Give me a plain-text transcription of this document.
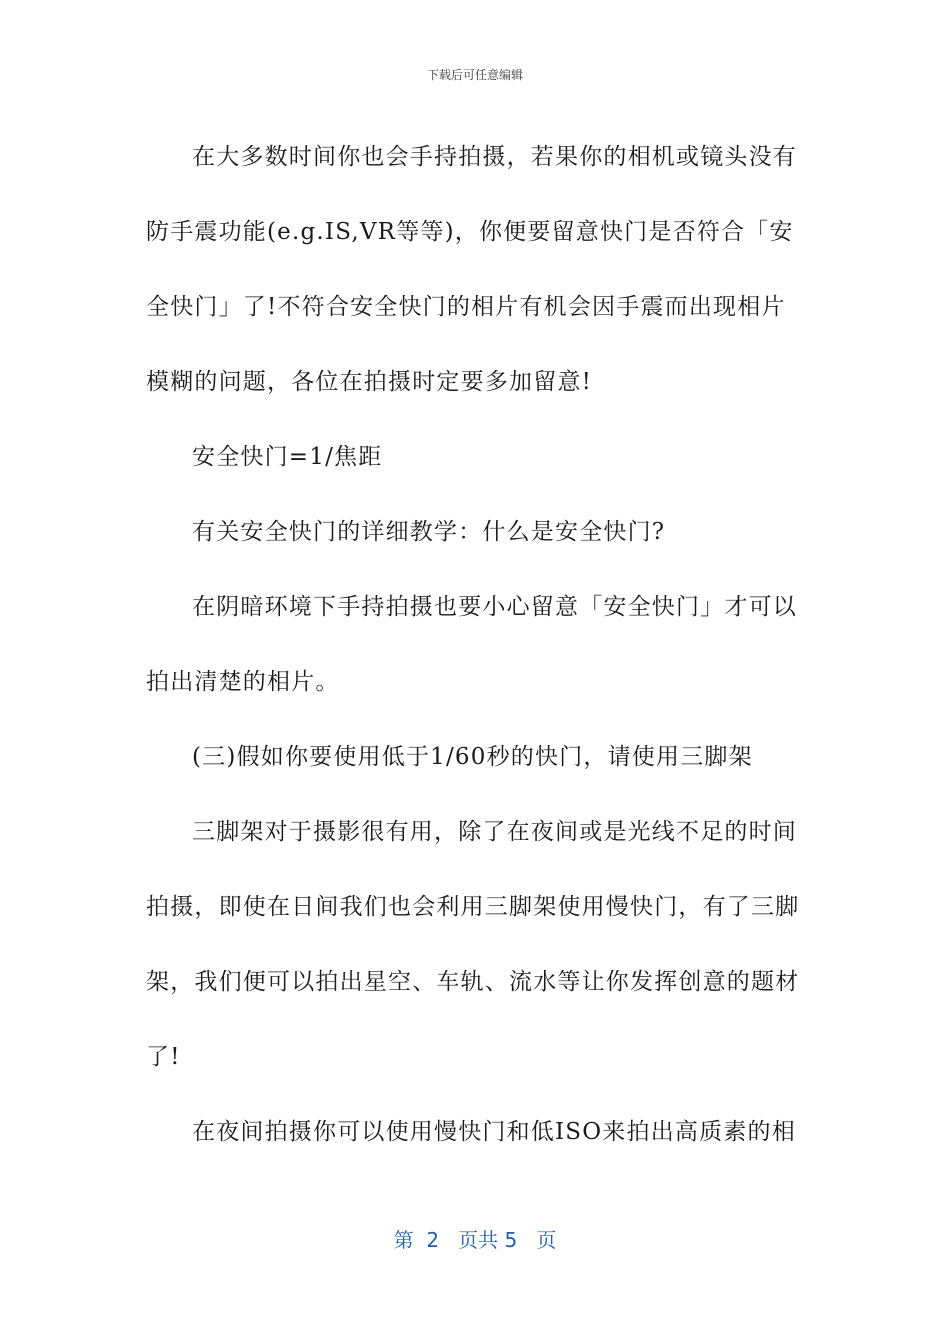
下载后可任意编辑

在大多数时间你也会手持拍摄，若果你的相机或镜头没有防手震功能(e.g.IS,VR等等)，你便要留意快门是否符合「安全快门」了!不符合安全快门的相片有机会因手震而出现相片模糊的问题，各位在拍摄时定要多加留意!

安全快门=1/焦距

有关安全快门的详细教学：什么是安全快门?

在阴暗环境下手持拍摄也要小心留意「安全快门」才可以拍出清楚的相片。

(三)假如你要使用低于1/60秒的快门，请使用三脚架

三脚架对于摄影很有用，除了在夜间或是光线不足的时间拍摄，即使在日间我们也会利用三脚架使用慢快门，有了三脚架，我们便可以拍出星空、车轨、流水等让你发挥创意的题材了!

在夜间拍摄你可以使用慢快门和低ISO来拍出高质素的相

第  2   页共 5   页
